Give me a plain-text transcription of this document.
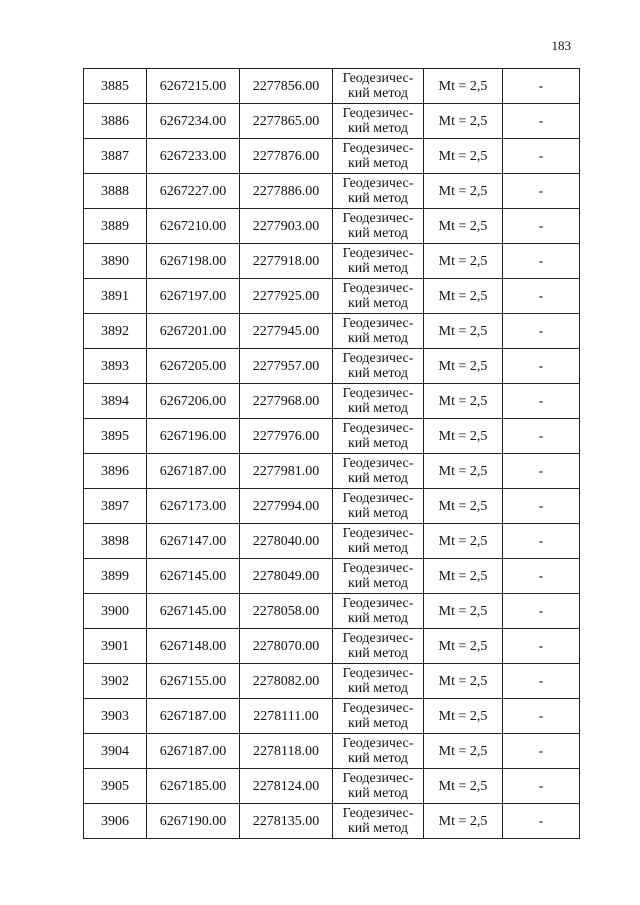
183
3885	6267215.00	2277856.00	Геодезичес-
кий метод	Mt = 2,5	-
3886	6267234.00	2277865.00	Геодезичес-
кий метод	Mt = 2,5	-
3887	6267233.00	2277876.00	Геодезичес-
кий метод	Mt = 2,5	-
3888	6267227.00	2277886.00	Геодезичес-
кий метод	Mt = 2,5	-
3889	6267210.00	2277903.00	Геодезичес-
кий метод	Mt = 2,5	-
3890	6267198.00	2277918.00	Геодезичес-
кий метод	Mt = 2,5	-
3891	6267197.00	2277925.00	Геодезичес-
кий метод	Mt = 2,5	-
3892	6267201.00	2277945.00	Геодезичес-
кий метод	Mt = 2,5	-
3893	6267205.00	2277957.00	Геодезичес-
кий метод	Mt = 2,5	-
3894	6267206.00	2277968.00	Геодезичес-
кий метод	Mt = 2,5	-
3895	6267196.00	2277976.00	Геодезичес-
кий метод	Mt = 2,5	-
3896	6267187.00	2277981.00	Геодезичес-
кий метод	Mt = 2,5	-
3897	6267173.00	2277994.00	Геодезичес-
кий метод	Mt = 2,5	-
3898	6267147.00	2278040.00	Геодезичес-
кий метод	Mt = 2,5	-
3899	6267145.00	2278049.00	Геодезичес-
кий метод	Mt = 2,5	-
3900	6267145.00	2278058.00	Геодезичес-
кий метод	Mt = 2,5	-
3901	6267148.00	2278070.00	Геодезичес-
кий метод	Mt = 2,5	-
3902	6267155.00	2278082.00	Геодезичес-
кий метод	Mt = 2,5	-
3903	6267187.00	2278111.00	Геодезичес-
кий метод	Mt = 2,5	-
3904	6267187.00	2278118.00	Геодезичес-
кий метод	Mt = 2,5	-
3905	6267185.00	2278124.00	Геодезичес-
кий метод	Mt = 2,5	-
3906	6267190.00	2278135.00	Геодезичес-
кий метод	Mt = 2,5	-
